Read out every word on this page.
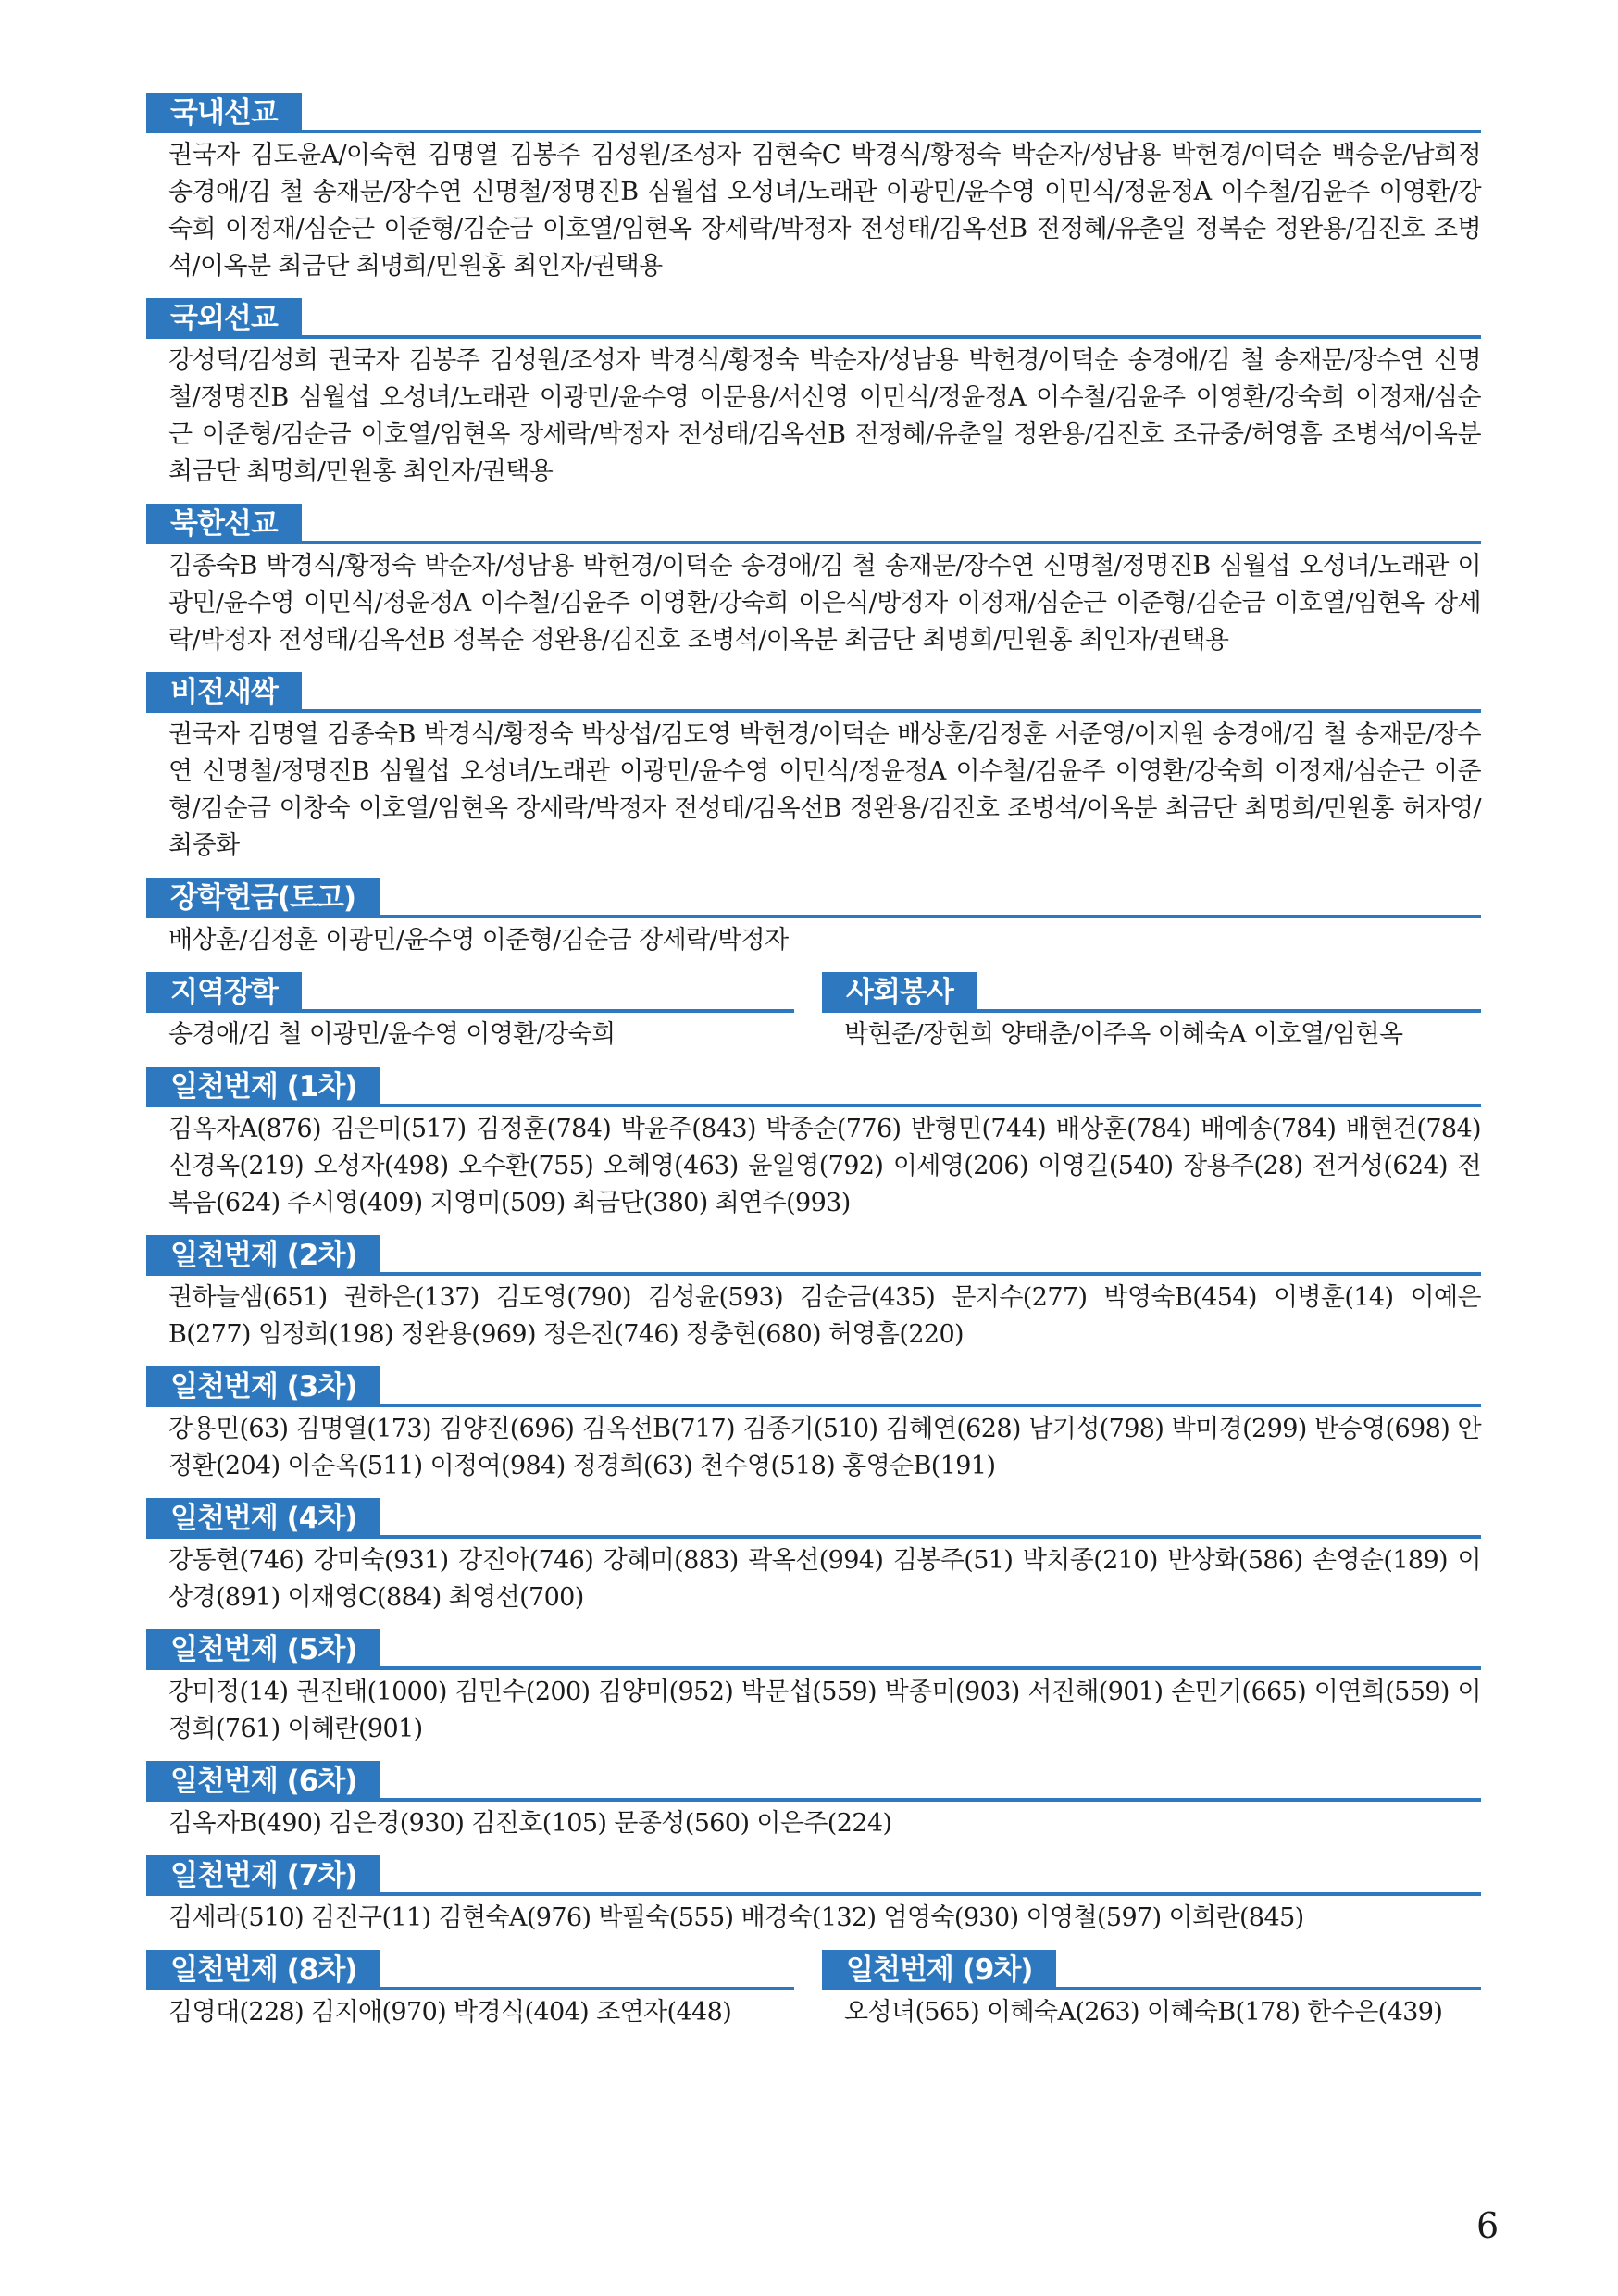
국내선교
권국자 김도윤A/이숙현 김명열 김봉주 김성원/조성자 김현숙C 박경식/황정숙 박순자/성남용 박헌경/이덕순 백승운/남희정 송경애/김 철 송재문/장수연 신명철/정명진B 심월섭 오성녀/노래관 이광민/윤수영 이민식/정윤정A 이수철/김윤주 이영환/강숙희 이정재/심순근 이준형/김순금 이호열/임현옥 장세락/박정자 전성태/김옥선B 전정혜/유춘일 정복순 정완용/김진호 조병석/이옥분 최금단 최명희/민원홍 최인자/권택용
국외선교
강성덕/김성희 권국자 김봉주 김성원/조성자 박경식/황정숙 박순자/성남용 박헌경/이덕순 송경애/김 철 송재문/장수연 신명철/정명진B 심월섭 오성녀/노래관 이광민/윤수영 이문용/서신영 이민식/정윤정A 이수철/김윤주 이영환/강숙희 이정재/심순근 이준형/김순금 이호열/임현옥 장세락/박정자 전성태/김옥선B 전정혜/유춘일 정완용/김진호 조규중/허영흠 조병석/이옥분 최금단 최명희/민원홍 최인자/권택용
북한선교
김종숙B 박경식/황정숙 박순자/성남용 박헌경/이덕순 송경애/김 철 송재문/장수연 신명철/정명진B 심월섭 오성녀/노래관 이광민/윤수영 이민식/정윤정A 이수철/김윤주 이영환/강숙희 이은식/방정자 이정재/심순근 이준형/김순금 이호열/임현옥 장세락/박정자 전성태/김옥선B 정복순 정완용/김진호 조병석/이옥분 최금단 최명희/민원홍 최인자/권택용
비전새싹
권국자 김명열 김종숙B 박경식/황정숙 박상섭/김도영 박헌경/이덕순 배상훈/김정훈 서준영/이지원 송경애/김 철 송재문/장수연 신명철/정명진B 심월섭 오성녀/노래관 이광민/윤수영 이민식/정윤정A 이수철/김윤주 이영환/강숙희 이정재/심순근 이준형/김순금 이창숙 이호열/임현옥 장세락/박정자 전성태/김옥선B 정완용/김진호 조병석/이옥분 최금단 최명희/민원홍 허자영/최중화
장학헌금(토고)
배상훈/김정훈 이광민/윤수영 이준형/김순금 장세락/박정자
지역장학
송경애/김 철 이광민/윤수영 이영환/강숙희
사회봉사
박현준/장현희 양태춘/이주옥 이혜숙A 이호열/임현옥
일천번제 (1차)
김옥자A(876) 김은미(517) 김정훈(784) 박윤주(843) 박종순(776) 반형민(744) 배상훈(784) 배예송(784) 배현건(784) 신경옥(219) 오성자(498) 오수환(755) 오혜영(463) 윤일영(792) 이세영(206) 이영길(540) 장용주(28) 전거성(624) 전복음(624) 주시영(409) 지영미(509) 최금단(380) 최연주(993)
일천번제 (2차)
권하늘샘(651) 권하은(137) 김도영(790) 김성윤(593) 김순금(435) 문지수(277) 박영숙B(454) 이병훈(14) 이예은B(277) 임정희(198) 정완용(969) 정은진(746) 정충현(680) 허영흠(220)
일천번제 (3차)
강용민(63) 김명열(173) 김양진(696) 김옥선B(717) 김종기(510) 김혜연(628) 남기성(798) 박미경(299) 반승영(698) 안정환(204) 이순옥(511) 이정여(984) 정경희(63) 천수영(518) 홍영순B(191)
일천번제 (4차)
강동현(746) 강미숙(931) 강진아(746) 강혜미(883) 곽옥선(994) 김봉주(51) 박치종(210) 반상화(586) 손영순(189) 이상경(891) 이재영C(884) 최영선(700)
일천번제 (5차)
강미정(14) 권진태(1000) 김민수(200) 김양미(952) 박문섭(559) 박종미(903) 서진해(901) 손민기(665) 이연희(559) 이정희(761) 이혜란(901)
일천번제 (6차)
김옥자B(490) 김은경(930) 김진호(105) 문종성(560) 이은주(224)
일천번제 (7차)
김세라(510) 김진구(11) 김현숙A(976) 박필숙(555) 배경숙(132) 엄영숙(930) 이영철(597) 이희란(845)
일천번제 (8차)
김영대(228) 김지애(970) 박경식(404) 조연자(448)
일천번제 (9차)
오성녀(565) 이혜숙A(263) 이혜숙B(178) 한수은(439)
6
